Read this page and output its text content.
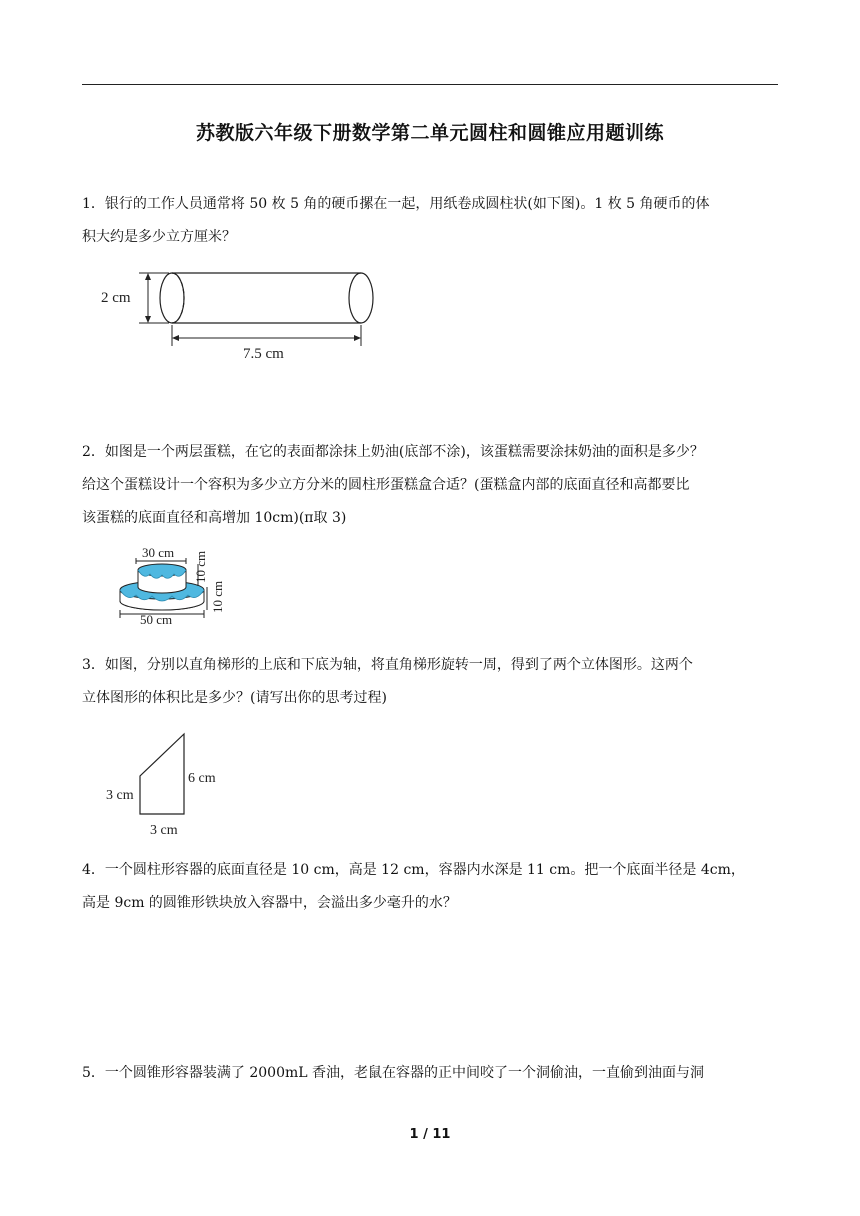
苏教版六年级下册数学第二单元圆柱和圆锥应用题训练

1．银行的工作人员通常将 50 枚 5 角的硬币摞在一起，用纸卷成圆柱状(如下图)。1 枚 5 角硬币的体

积大约是多少立方厘米？

2 cm
7.5 cm

2．如图是一个两层蛋糕，在它的表面都涂抹上奶油(底部不涂)，该蛋糕需要涂抹奶油的面积是多少？

给这个蛋糕设计一个容积为多少立方分米的圆柱形蛋糕盒合适？(蛋糕盒内部的底面直径和高都要比

该蛋糕的底面直径和高增加 10cm)(π取 3)

30 cm
50 cm
10 cm
10 cm

3．如图，分别以直角梯形的上底和下底为轴，将直角梯形旋转一周，得到了两个立体图形。这两个

立体图形的体积比是多少？(请写出你的思考过程)

3 cm
6 cm
3 cm

4．一个圆柱形容器的底面直径是 10 cm，高是 12 cm，容器内水深是 11 cm。把一个底面半径是 4cm，

高是 9cm 的圆锥形铁块放入容器中，会溢出多少毫升的水？

5．一个圆锥形容器装满了 2000mL 香油，老鼠在容器的正中间咬了一个洞偷油，一直偷到油面与洞

1 / 11
